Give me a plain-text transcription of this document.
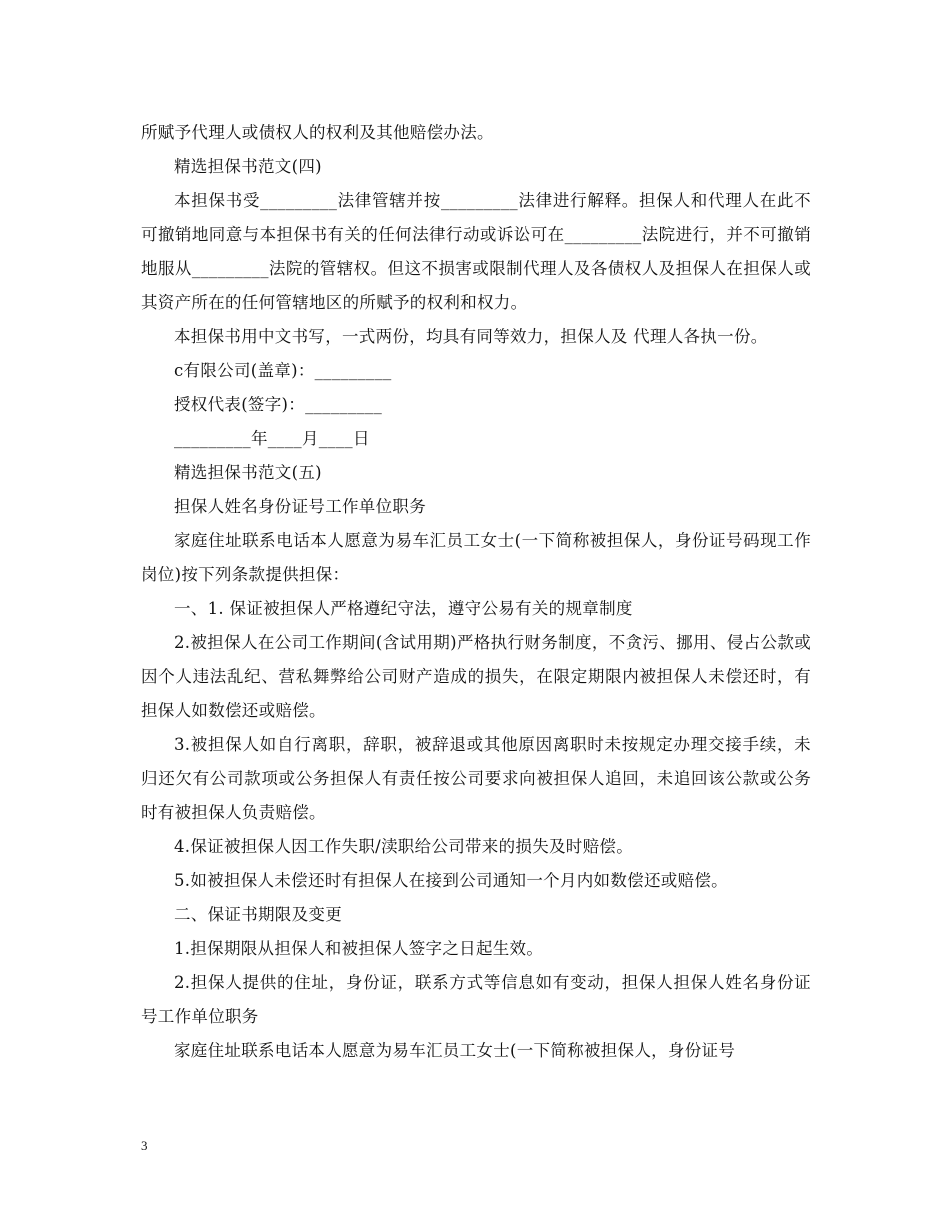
所赋予代理人或债权人的权利及其他赔偿办法。

精选担保书范文(四)

本担保书受_________法律管辖并按_________法律进行解释。担保人和代理人在此不可撤销地同意与本担保书有关的任何法律行动或诉讼可在_________法院进行，并不可撤销地服从_________法院的管辖权。但这不损害或限制代理人及各债权人及担保人在担保人或其资产所在的任何管辖地区的所赋予的权利和权力。

本担保书用中文书写，一式两份，均具有同等效力，担保人及 代理人各执一份。

c有限公司(盖章)：_________

授权代表(签字)：_________

_________年____月____日

精选担保书范文(五)

担保人姓名身份证号工作单位职务

家庭住址联系电话本人愿意为易车汇员工女士(一下简称被担保人，身份证号码现工作岗位)按下列条款提供担保：

一、1. 保证被担保人严格遵纪守法，遵守公易有关的规章制度

2.被担保人在公司工作期间(含试用期)严格执行财务制度，不贪污、挪用、侵占公款或因个人违法乱纪、营私舞弊给公司财产造成的损失，在限定期限内被担保人未偿还时，有担保人如数偿还或赔偿。

3.被担保人如自行离职，辞职，被辞退或其他原因离职时未按规定办理交接手续，未归还欠有公司款项或公务担保人有责任按公司要求向被担保人追回，未追回该公款或公务时有被担保人负责赔偿。

4.保证被担保人因工作失职/渎职给公司带来的损失及时赔偿。

5.如被担保人未偿还时有担保人在接到公司通知一个月内如数偿还或赔偿。

二、保证书期限及变更

1.担保期限从担保人和被担保人签字之日起生效。

2.担保人提供的住址，身份证，联系方式等信息如有变动，担保人担保人姓名身份证号工作单位职务

家庭住址联系电话本人愿意为易车汇员工女士(一下简称被担保人，身份证号

3
